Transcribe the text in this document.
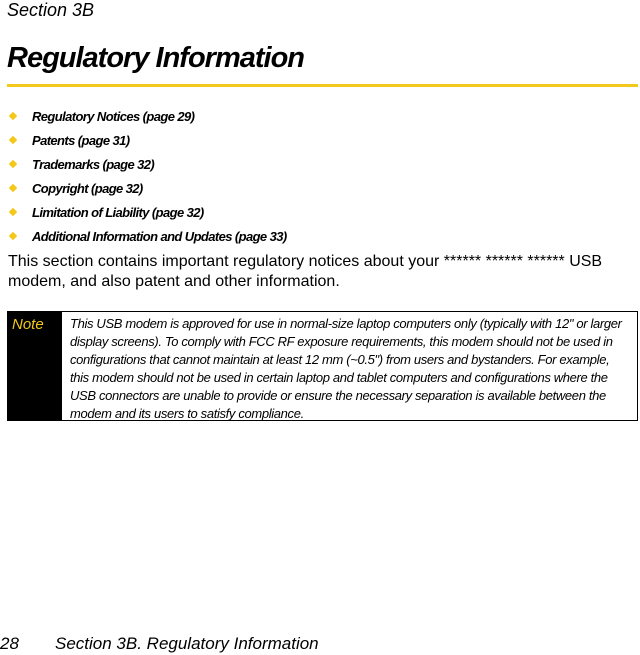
Section 3B
Regulatory Information
Regulatory Notices (page 29)
Patents (page 31)
Trademarks (page 32)
Copyright (page 32)
Limitation of Liability (page 32)
Additional Information and Updates (page 33)

This section contains important regulatory notices about your ****** ****** ****** USB modem, and also patent and other information.

Note	This USB modem is approved for use in normal-size laptop computers only (typically with 12" or larger display screens). To comply with FCC RF exposure requirements, this modem should not be used in configurations that cannot maintain at least 12 mm (~0.5") from users and bystanders. For example, this modem should not be used in certain laptop and tablet computers and configurations where the USB connectors are unable to provide or ensure the necessary separation is available between the modem and its users to satisfy compliance.
28 Section 3B. Regulatory Information
